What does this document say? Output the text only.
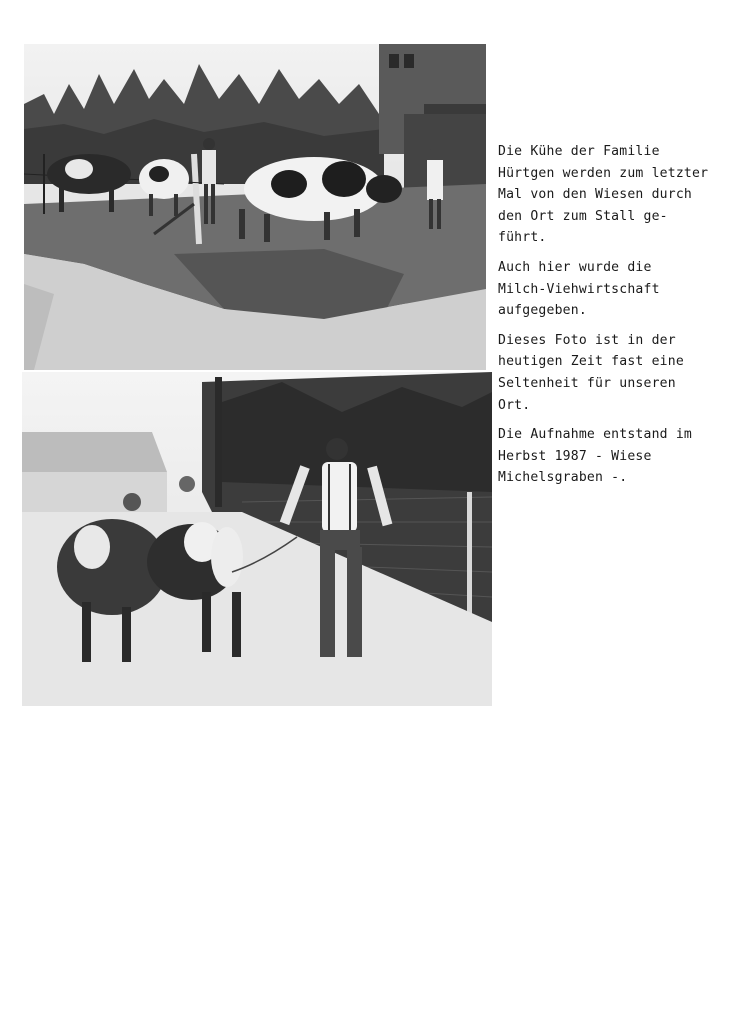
Die Kühe der Familie
Hürtgen werden zum letzter
Mal von den Wiesen durch
den Ort zum Stall ge-
führt.

Auch hier wurde die
Milch-Viehwirtschaft
aufgegeben.

Dieses Foto ist in der
heutigen Zeit fast eine
Seltenheit für unseren
Ort.

Die Aufnahme entstand im
Herbst 1987 - Wiese
Michelsgraben -.
